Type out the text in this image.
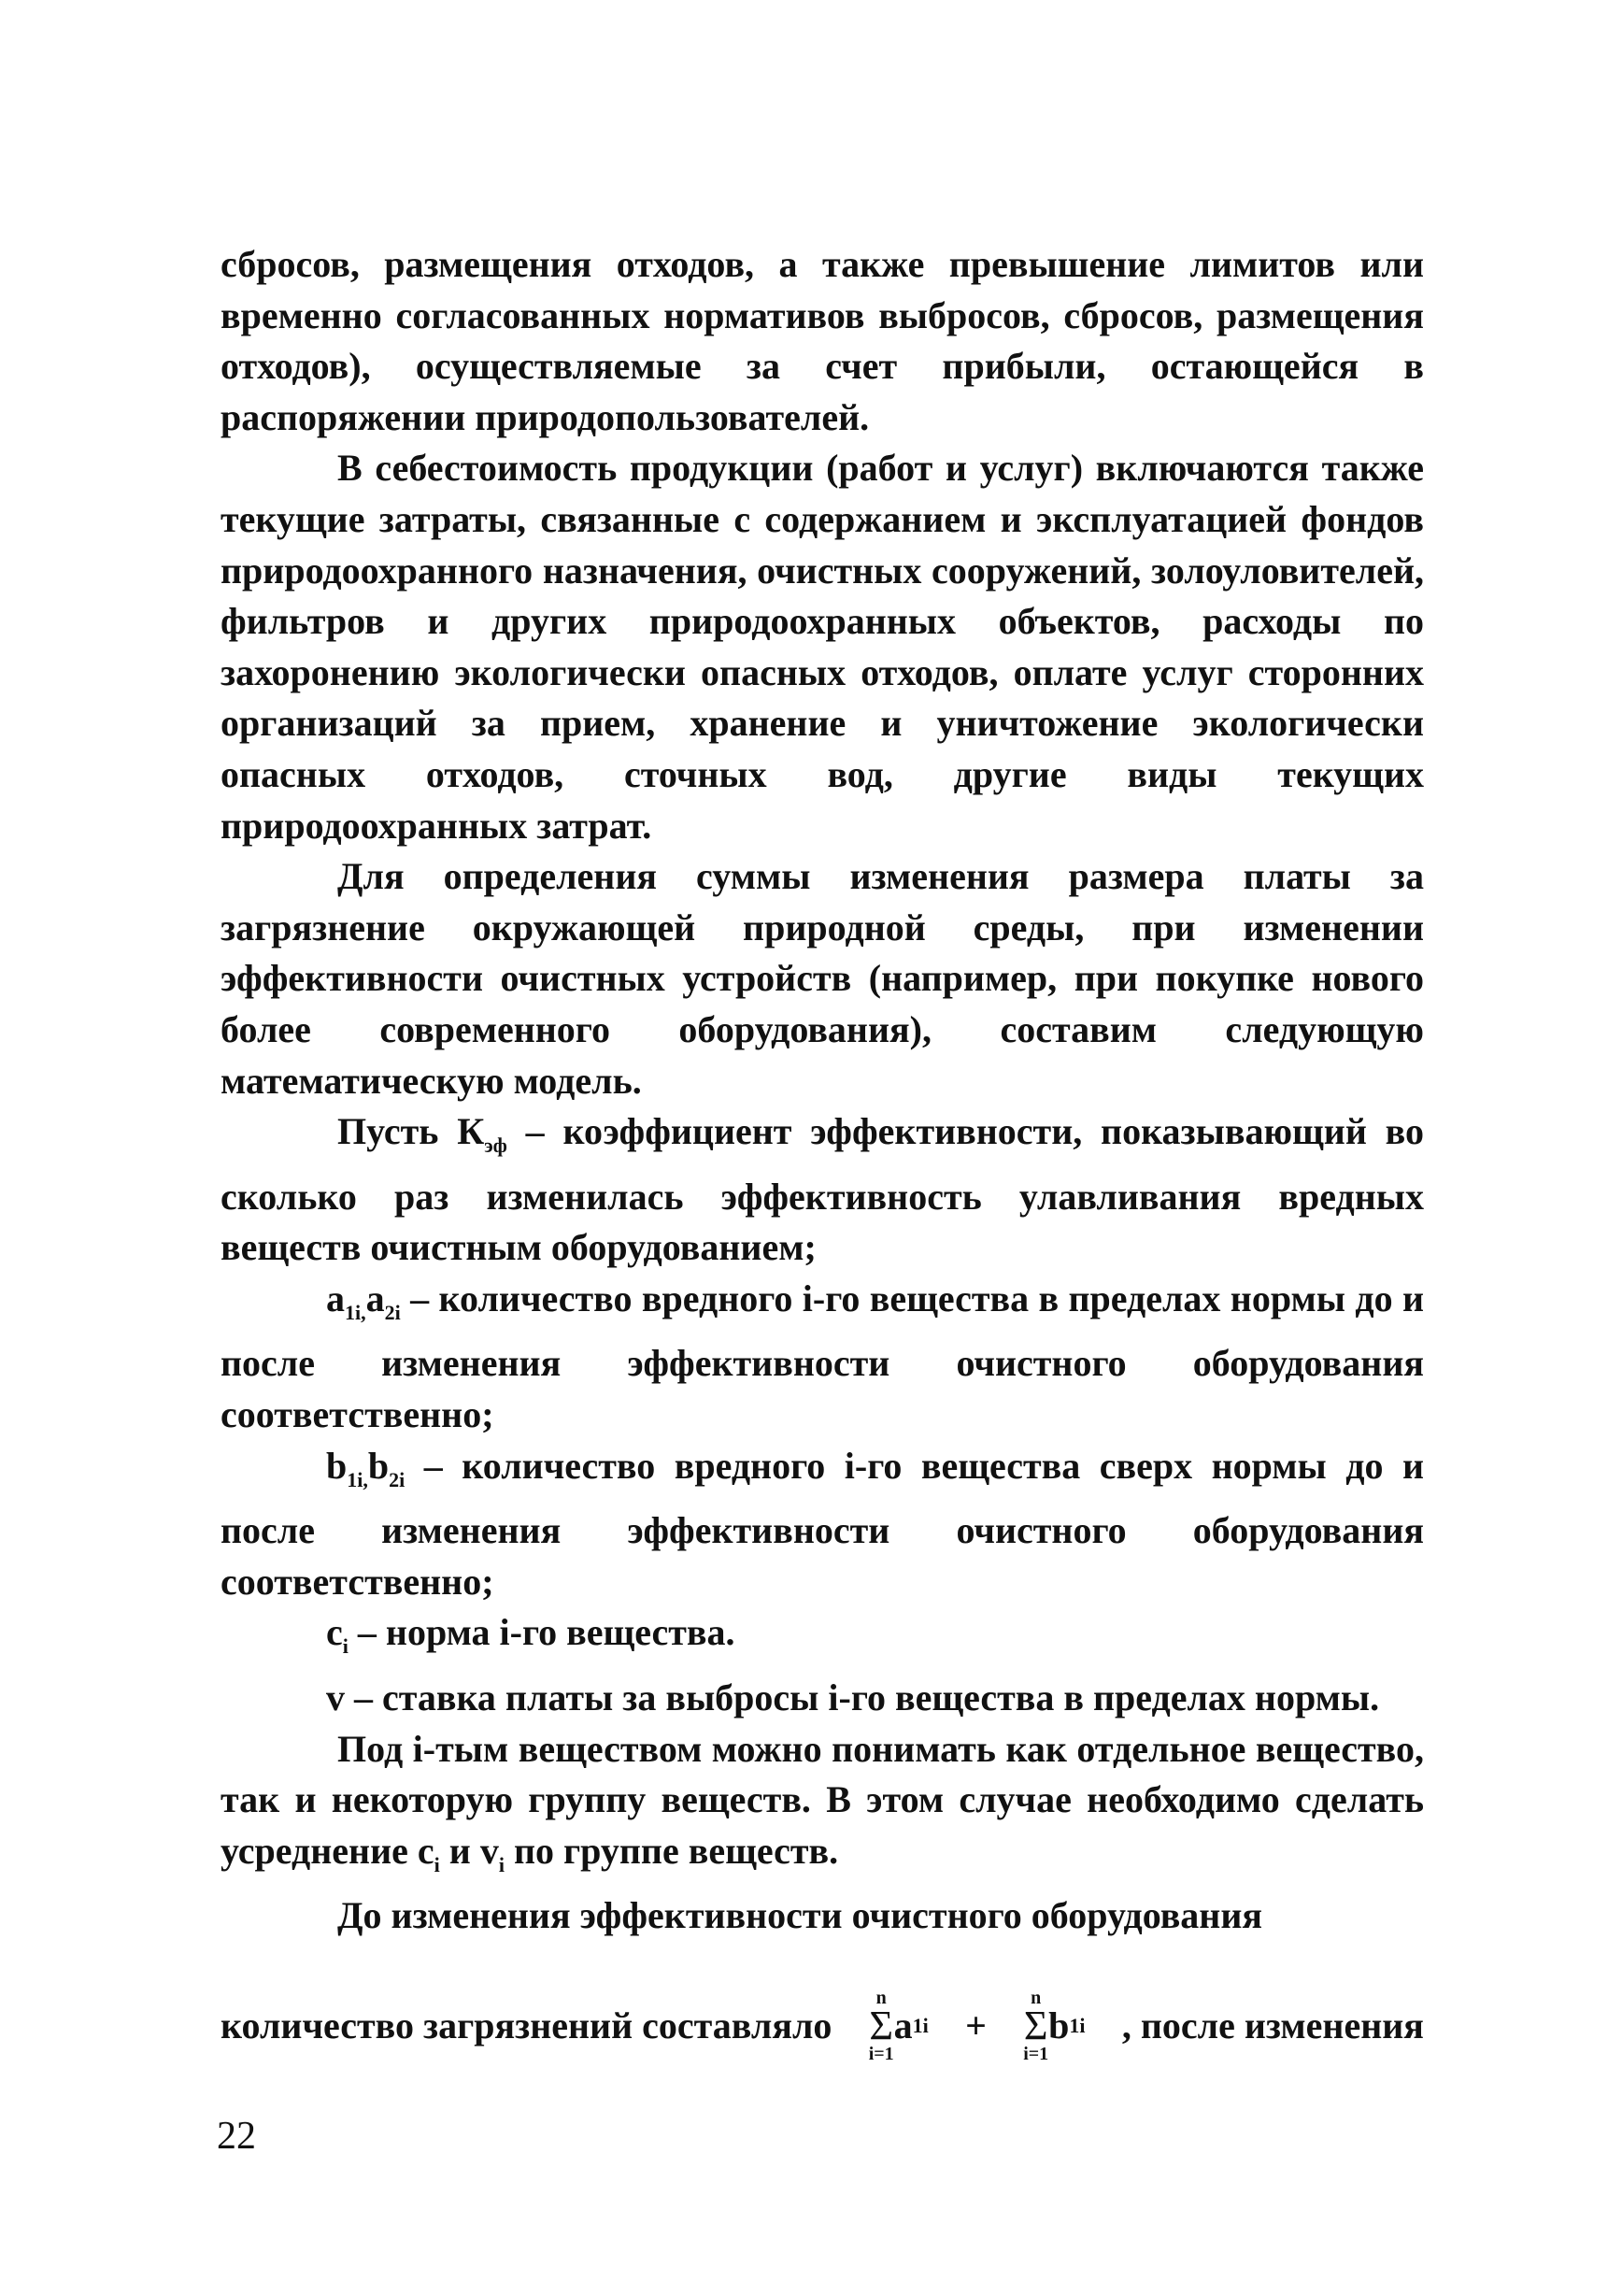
сбросов, размещения отходов, а также превышение лимитов или временно согласованных нормативов выбросов, сбросов, размещения отходов), осуществляемые за счет прибыли, остающейся в распоряжении природопользователей.

В себестоимость продукции (работ и услуг) включаются также текущие затраты, связанные с содержанием и эксплуатацией фондов природоохранного назначения, очистных сооружений, золоуловителей, фильтров и других природоохранных объектов, расходы по захоронению экологически опасных отходов, оплате услуг сторонних организаций за прием, хранение и уничтожение экологически опасных отходов, сточных вод, другие виды текущих природоохранных затрат.

Для определения суммы изменения размера платы за загрязнение окружающей природной среды, при изменении эффективности очистных устройств (например, при покупке нового более современного оборудования), составим следующую математическую модель.

Пусть $К_{эф}$ – коэффициент эффективности, показывающий во сколько раз изменилась эффективность улавливания вредных веществ очистным оборудованием;

$a_{1i,}a_{2i}$ – количество вредного i-го вещества в пределах нормы до и после изменения эффективности очистного оборудования соответственно;

$b_{1i,}b_{2i}$ – количество вредного i-го вещества сверх нормы до и после изменения эффективности очистного оборудования соответственно;

$c_i$ – норма i-го вещества.

v – ставка платы за выбросы i-го вещества в пределах нормы.

Под i-тым веществом можно понимать как отдельное вещество, так и некоторую группу веществ. В этом случае необходимо сделать усреднение $c_i$ и $v_i$ по группе веществ.

До изменения эффективности очистного оборудования

количество загрязнений составляло
n
Σ
i=1
a 1i +
n
Σ
i=1
b 1i , после изменения
22
